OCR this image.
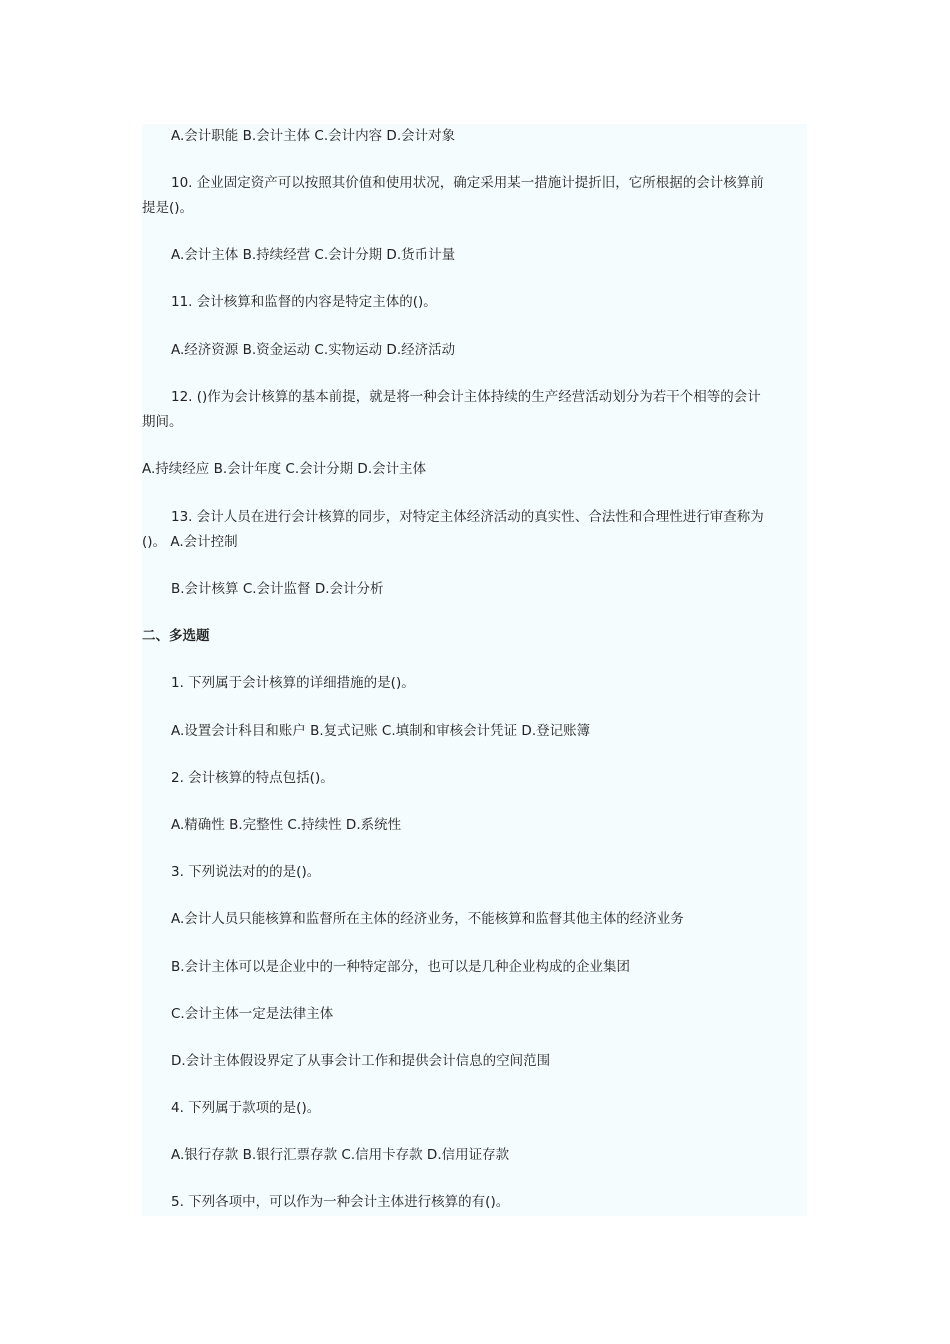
A.会计职能 B.会计主体 C.会计内容 D.会计对象
10. 企业固定资产可以按照其价值和使用状况，确定采用某一措施计提折旧，它所根据的会计核算前
提是()。
A.会计主体 B.持续经营 C.会计分期 D.货币计量
11. 会计核算和监督的内容是特定主体的()。
A.经济资源 B.资金运动 C.实物运动 D.经济活动
12. ()作为会计核算的基本前提，就是将一种会计主体持续的生产经营活动划分为若干个相等的会计
期间。
A.持续经应 B.会计年度 C.会计分期 D.会计主体
13. 会计人员在进行会计核算的同步，对特定主体经济活动的真实性、合法性和合理性进行审查称为
()。 A.会计控制
B.会计核算 C.会计监督 D.会计分析
二、多选题
1. 下列属于会计核算的详细措施的是()。
A.设置会计科目和账户 B.复式记账 C.填制和审核会计凭证 D.登记账簿
2. 会计核算的特点包括()。
A.精确性 B.完整性 C.持续性 D.系统性
3. 下列说法对的的是()。
A.会计人员只能核算和监督所在主体的经济业务，不能核算和监督其他主体的经济业务
B.会计主体可以是企业中的一种特定部分，也可以是几种企业构成的企业集团
C.会计主体一定是法律主体
D.会计主体假设界定了从事会计工作和提供会计信息的空间范围
4. 下列属于款项的是()。
A.银行存款 B.银行汇票存款 C.信用卡存款 D.信用证存款
5. 下列各项中，可以作为一种会计主体进行核算的有()。
